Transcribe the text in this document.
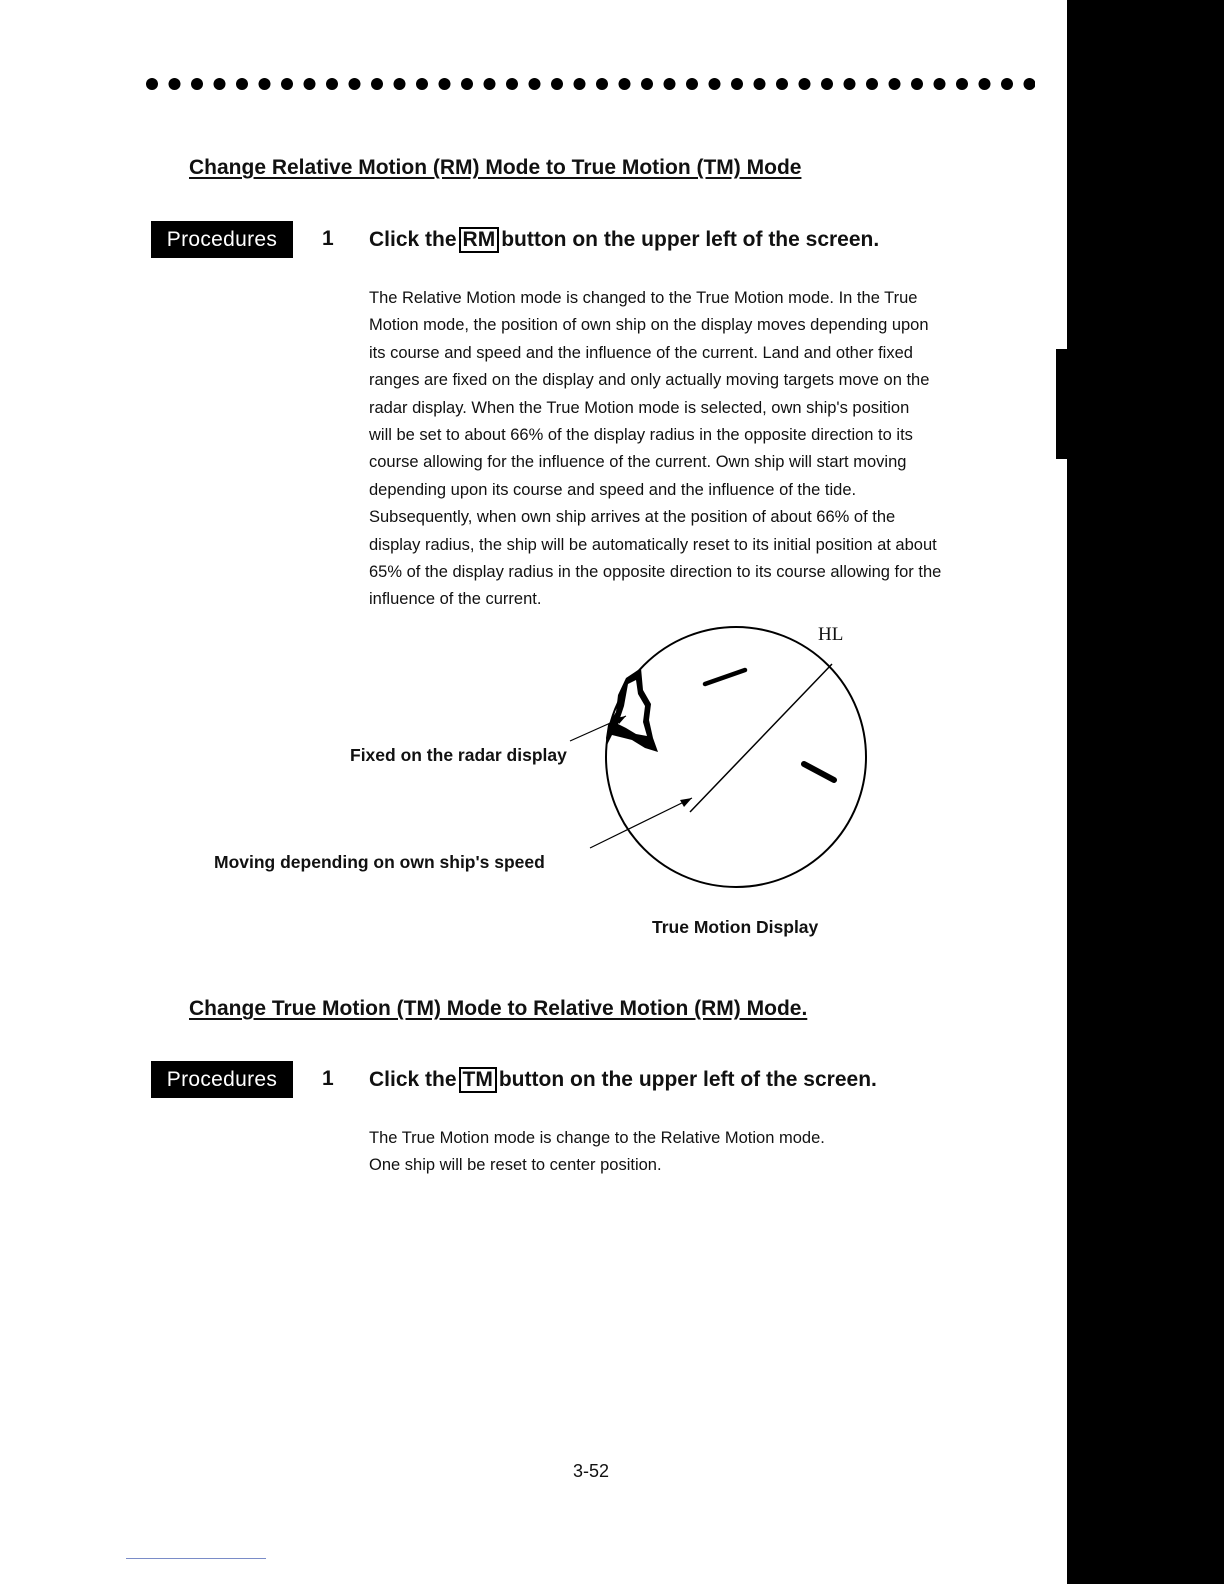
Change Relative Motion (RM) Mode to True Motion (TM) Mode
Procedures	1 Click the RM button on the upper left of the screen.
The Relative Motion mode is changed to the True Motion mode. In the True
Motion mode, the position of own ship on the display moves depending upon
its course and speed and the influence of the current. Land and other fixed
ranges are fixed on the display and only actually moving targets move on the
radar display. When the True Motion mode is selected, own ship's position
will be set to about 66% of the display radius in the opposite direction to its
course allowing for the influence of the current. Own ship will start moving
depending upon its course and speed and the influence of the tide.
Subsequently, when own ship arrives at the position of about 66% of the
display radius, the ship will be automatically reset to its initial position at about
65% of the display radius in the opposite direction to its course allowing for the
influence of the current.
HL
Fixed on the radar display
Moving depending on own ship's speed
True Motion Display
Change True Motion (TM) Mode to Relative Motion (RM) Mode.
Procedures	1 Click the TM button on the upper left of the screen.
The True Motion mode is change to the Relative Motion mode.
One ship will be reset to center position.
3-52
